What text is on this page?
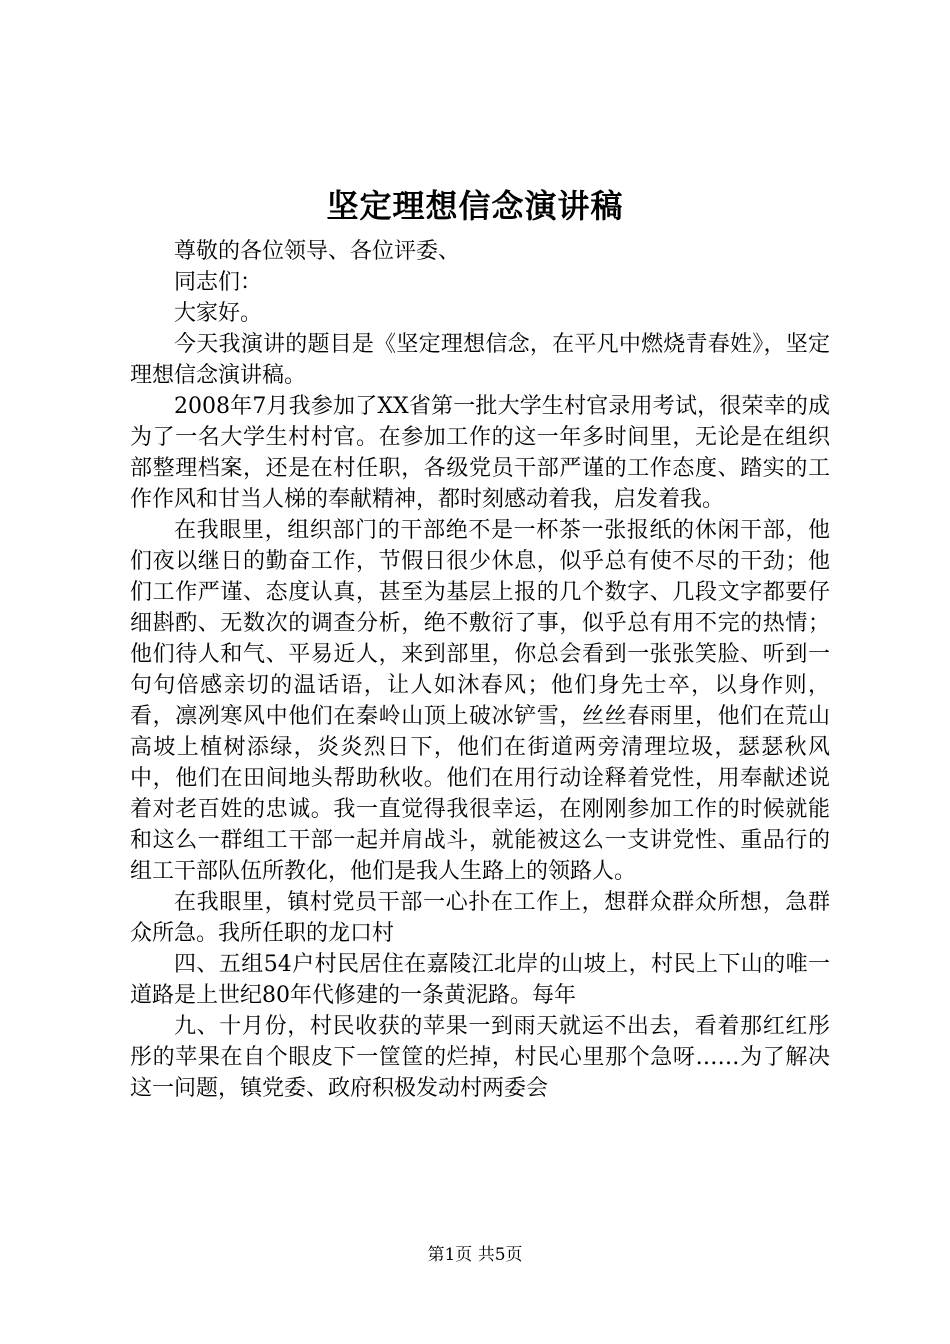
坚定理想信念演讲稿

尊敬的各位领导、各位评委、

同志们：

大家好。

今天我演讲的题目是《坚定理想信念，在平凡中燃烧青春姓》，坚定理想信念演讲稿。

2008年7月我参加了XX省第一批大学生村官录用考试，很荣幸的成为了一名大学生村村官。在参加工作的这一年多时间里，无论是在组织部整理档案，还是在村任职，各级党员干部严谨的工作态度、踏实的工作作风和甘当人梯的奉献精神，都时刻感动着我，启发着我。

在我眼里，组织部门的干部绝不是一杯茶一张报纸的休闲干部，他们夜以继日的勤奋工作，节假日很少休息，似乎总有使不尽的干劲；他们工作严谨、态度认真，甚至为基层上报的几个数字、几段文字都要仔细斟酌、无数次的调查分析，绝不敷衍了事，似乎总有用不完的热情；他们待人和气、平易近人，来到部里，你总会看到一张张笑脸、听到一句句倍感亲切的温话语，让人如沐春风；他们身先士卒，以身作则，看，凛冽寒风中他们在秦岭山顶上破冰铲雪，丝丝春雨里，他们在荒山高坡上植树添绿，炎炎烈日下，他们在街道两旁清理垃圾，瑟瑟秋风中，他们在田间地头帮助秋收。他们在用行动诠释着党性，用奉献述说着对老百姓的忠诚。我一直觉得我很幸运，在刚刚参加工作的时候就能和这么一群组工干部一起并肩战斗，就能被这么一支讲党性、重品行的组工干部队伍所教化，他们是我人生路上的领路人。

在我眼里，镇村党员干部一心扑在工作上，想群众群众所想，急群众所急。我所任职的龙口村

四、五组54户村民居住在嘉陵江北岸的山坡上，村民上下山的唯一道路是上世纪80年代修建的一条黄泥路。每年

九、十月份，村民收获的苹果一到雨天就运不出去，看着那红红彤彤的苹果在自个眼皮下一筐筐的烂掉，村民心里那个急呀……为了解决这一问题，镇党委、政府积极发动村两委会

第1页 共5页
